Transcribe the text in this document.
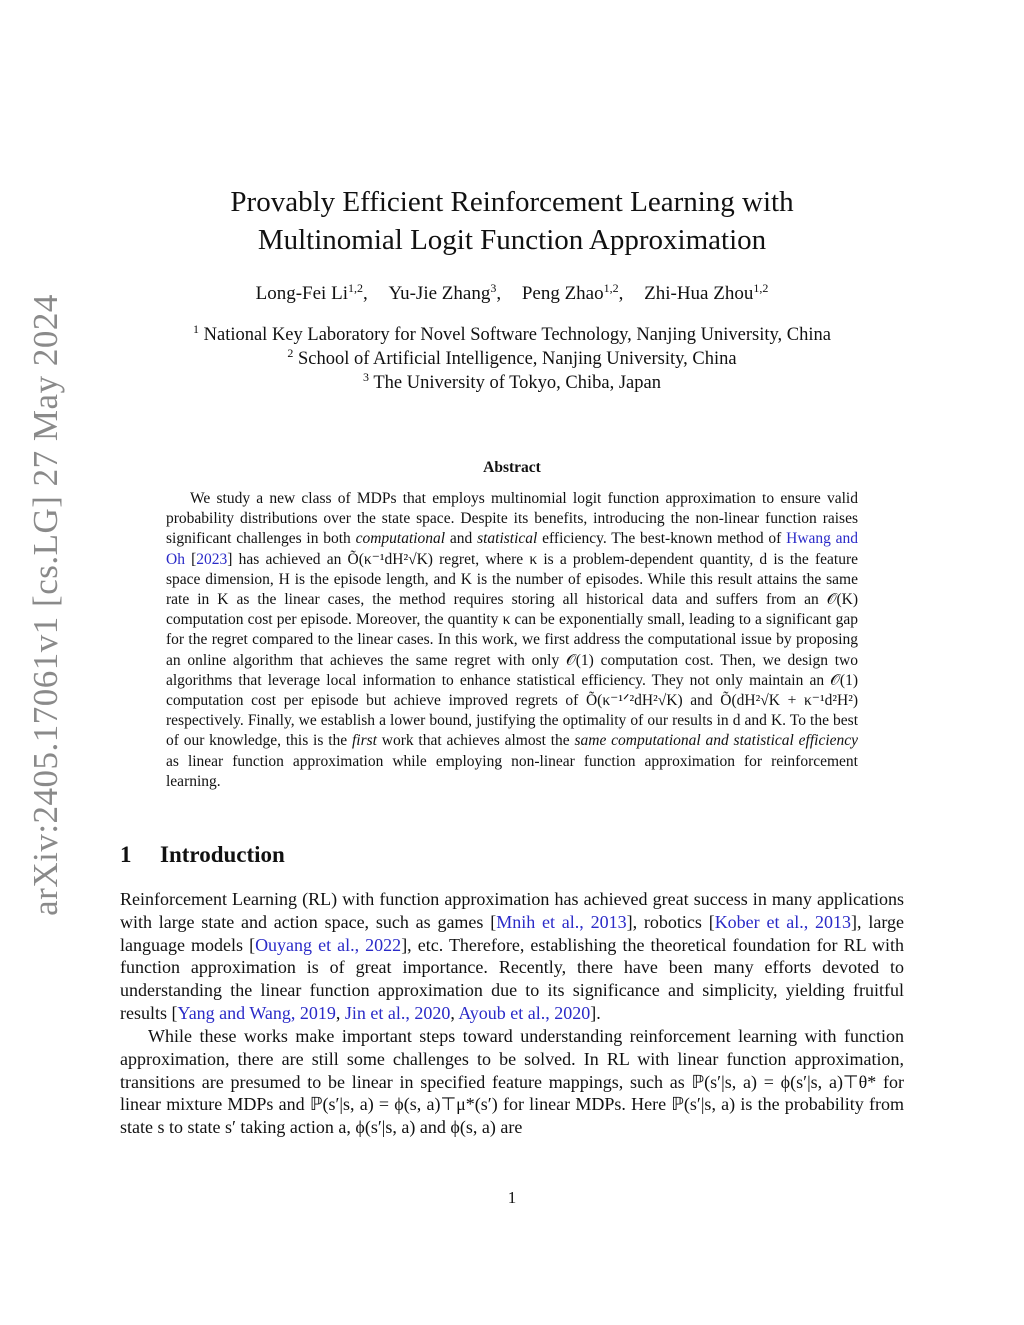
arXiv:2405.17061v1 [cs.LG] 27 May 2024
Provably Efficient Reinforcement Learning with
Multinomial Logit Function Approximation
Long-Fei Li$^{1,2}$, Yu-Jie Zhang$^3$, Peng Zhao$^{1,2}$, Zhi-Hua Zhou$^{1,2}$
$^1$ National Key Laboratory for Novel Software Technology, Nanjing University, China
$^2$ School of Artificial Intelligence, Nanjing University, China
$^3$ The University of Tokyo, Chiba, Japan
Abstract

We study a new class of MDPs that employs multinomial logit function approximation to ensure valid probability distributions over the state space. Despite its benefits, introducing the non-linear function raises significant challenges in both computational and statistical efficiency. The best-known method of Hwang and Oh [2023] has achieved an Õ(κ⁻¹dH²√K) regret, where κ is a problem-dependent quantity, d is the feature space dimension, H is the episode length, and K is the number of episodes. While this result attains the same rate in K as the linear cases, the method requires storing all historical data and suffers from an 𝒪(K) computation cost per episode. Moreover, the quantity κ can be exponentially small, leading to a significant gap for the regret compared to the linear cases. In this work, we first address the computational issue by proposing an online algorithm that achieves the same regret with only 𝒪(1) computation cost. Then, we design two algorithms that leverage local information to enhance statistical efficiency. They not only maintain an 𝒪(1) computation cost per episode but achieve improved regrets of Õ(κ⁻¹ᐟ²dH²√K) and Õ(dH²√K + κ⁻¹d²H²) respectively. Finally, we establish a lower bound, justifying the optimality of our results in d and K. To the best of our knowledge, this is the first work that achieves almost the same computational and statistical efficiency as linear function approximation while employing non-linear function approximation for reinforcement learning.

1 Introduction

Reinforcement Learning (RL) with function approximation has achieved great success in many applications with large state and action space, such as games [Mnih et al., 2013], robotics [Kober et al., 2013], large language models [Ouyang et al., 2022], etc. Therefore, establishing the theoretical foundation for RL with function approximation is of great importance. Recently, there have been many efforts devoted to understanding the linear function approximation due to its significance and simplicity, yielding fruitful results [Yang and Wang, 2019, Jin et al., 2020, Ayoub et al., 2020].

While these works make important steps toward understanding reinforcement learning with function approximation, there are still some challenges to be solved. In RL with linear function approximation, transitions are presumed to be linear in specified feature mappings, such as ℙ(s′|s, a) = ϕ(s′|s, a)⊤θ* for linear mixture MDPs and ℙ(s′|s, a) = ϕ(s, a)⊤μ*(s′) for linear MDPs. Here ℙ(s′|s, a) is the probability from state s to state s′ taking action a, ϕ(s′|s, a) and ϕ(s, a) are

1
